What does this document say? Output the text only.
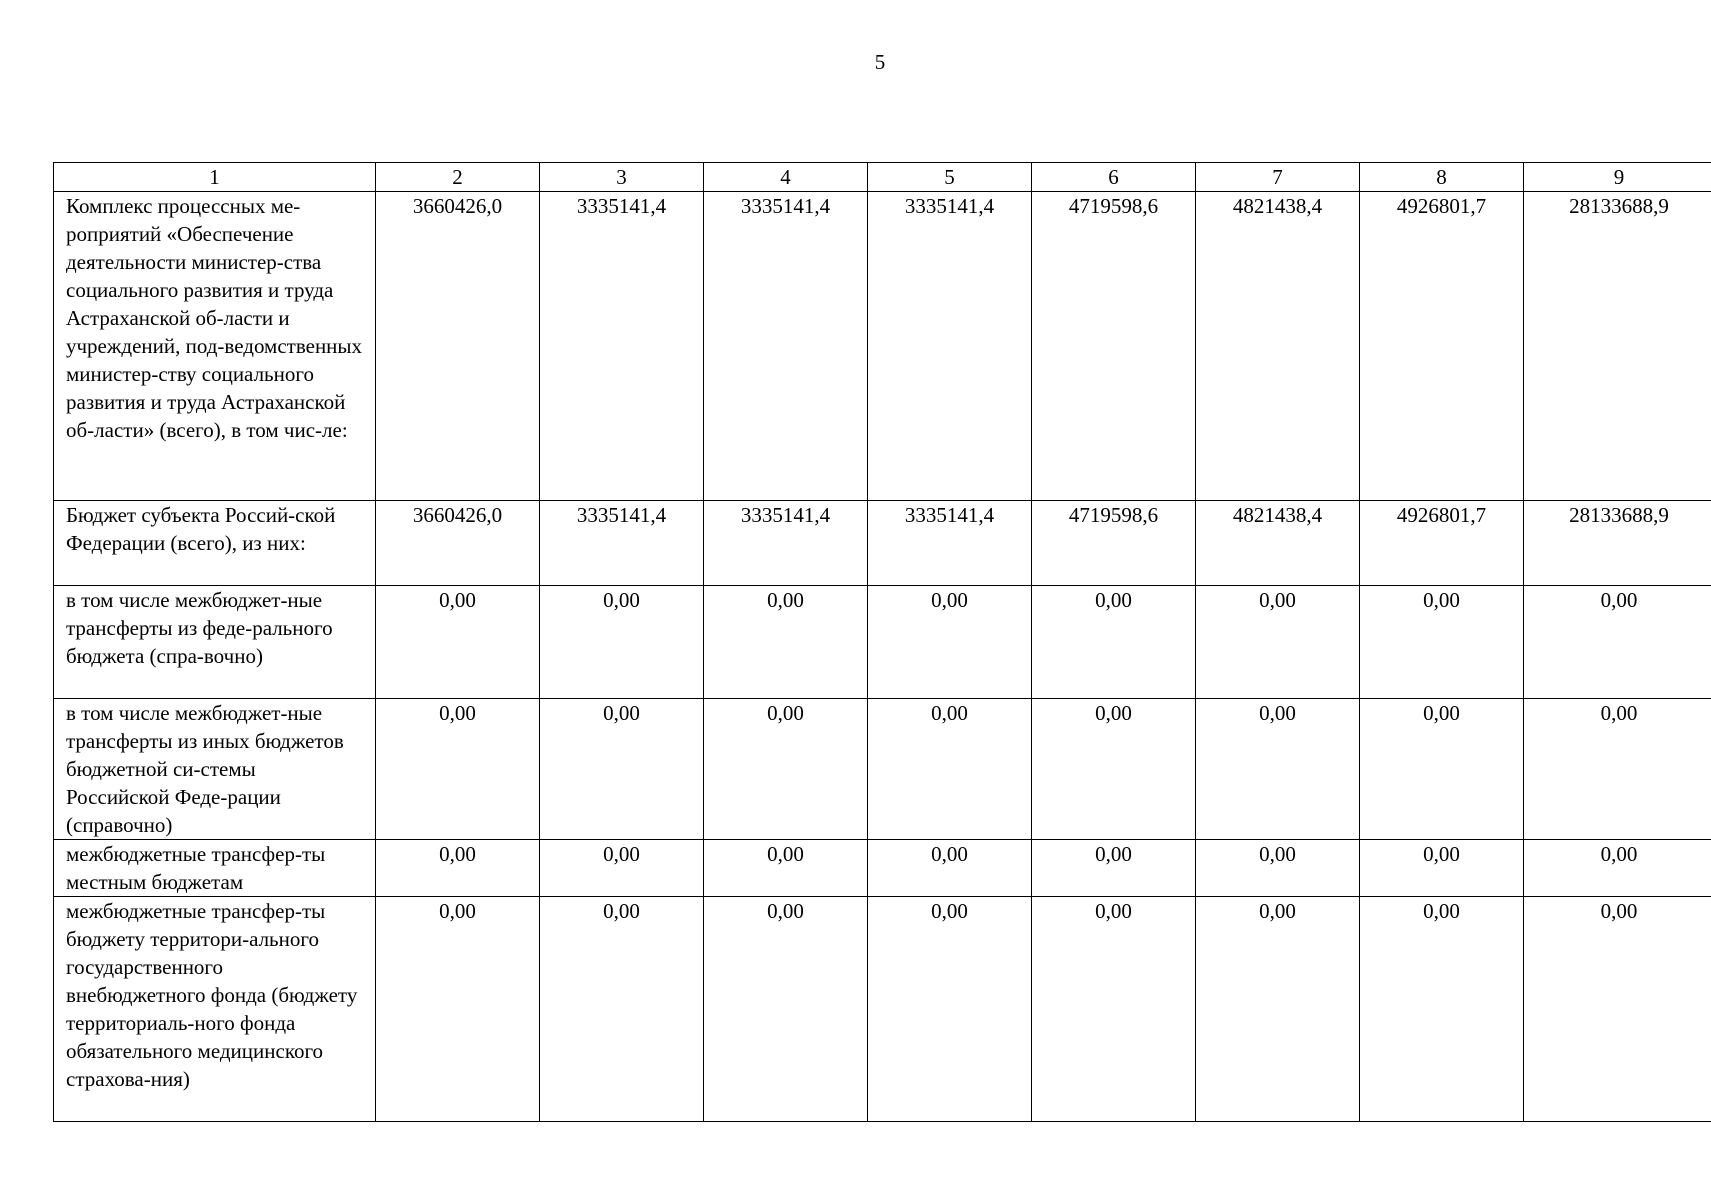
5
1	2	3	4	5	6	7	8	9
Комплекс процессных ме-роприятий «Обеспечение деятельности министер-ства социального развития и труда Астраханской об-ласти и учреждений, под-ведомственных министер-ству социального развития и труда Астраханской об-ласти» (всего), в том чис-ле:	3660426,0	3335141,4	3335141,4	3335141,4	4719598,6	4821438,4	4926801,7	28133688,9
Бюджет субъекта Россий-ской Федерации (всего), из них:	3660426,0	3335141,4	3335141,4	3335141,4	4719598,6	4821438,4	4926801,7	28133688,9
в том числе межбюджет-ные трансферты из феде-рального бюджета (спра-вочно)	0,00	0,00	0,00	0,00	0,00	0,00	0,00	0,00
в том числе межбюджет-ные трансферты из иных бюджетов бюджетной си-стемы Российской Феде-рации (справочно)	0,00	0,00	0,00	0,00	0,00	0,00	0,00	0,00
межбюджетные трансфер-ты местным бюджетам	0,00	0,00	0,00	0,00	0,00	0,00	0,00	0,00
межбюджетные трансфер-ты бюджету территори-ального государственного внебюджетного фонда (бюджету территориаль-ного фонда обязательного медицинского страхова-ния)	0,00	0,00	0,00	0,00	0,00	0,00	0,00	0,00
